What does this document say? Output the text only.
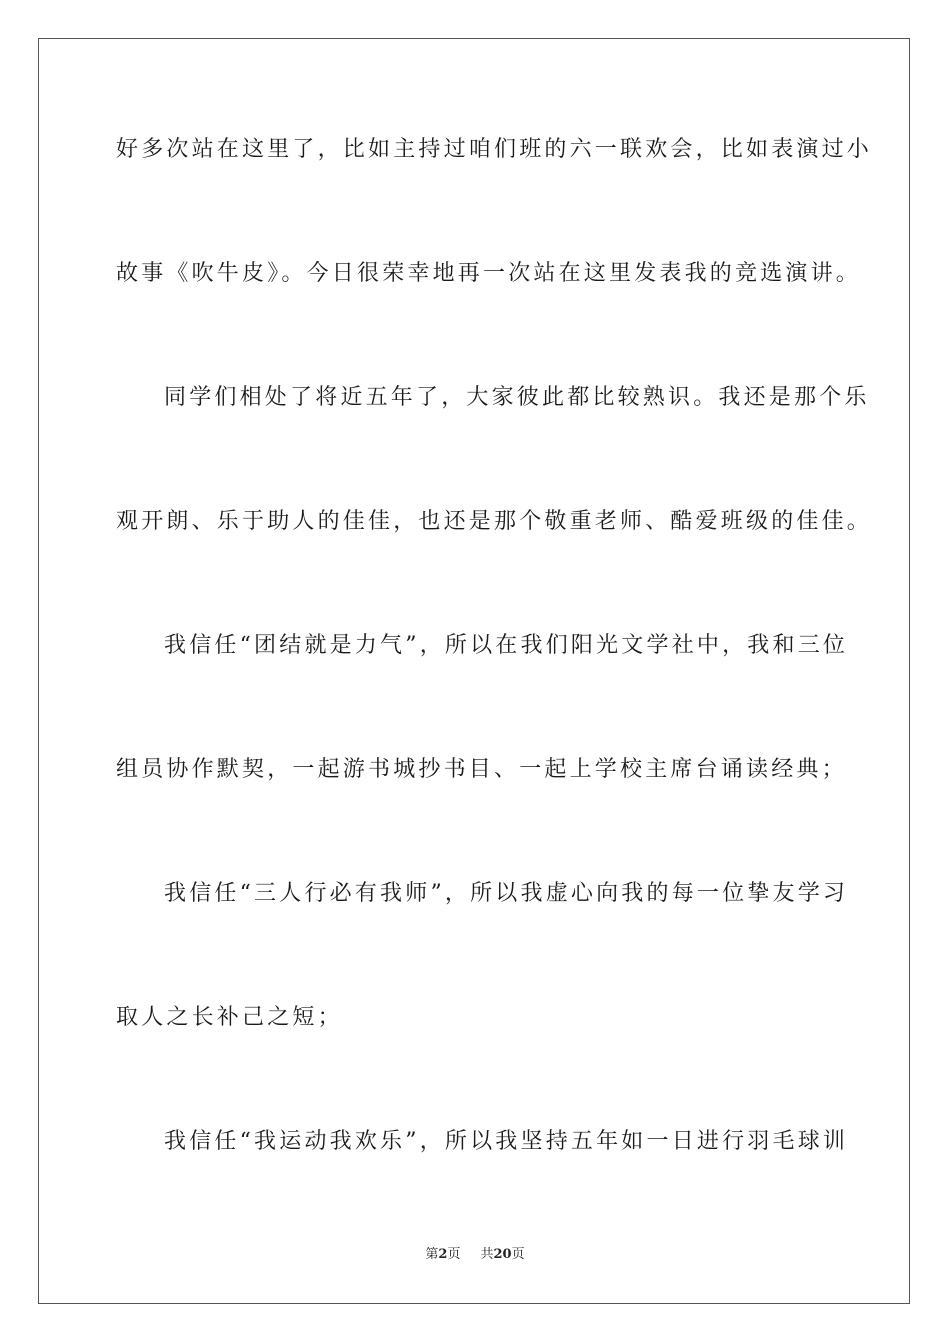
好多次站在这里了，比如主持过咱们班的六一联欢会，比如表演过小
故事《吹牛皮》。今日很荣幸地再一次站在这里发表我的竞选演讲。
同学们相处了将近五年了，大家彼此都比较熟识。我还是那个乐
观开朗、乐于助人的佳佳，也还是那个敬重老师、酷爱班级的佳佳。
我信任“团结就是力气”，所以在我们阳光文学社中，我和三位
组员协作默契，一起游书城抄书目、一起上学校主席台诵读经典；
我信任“三人行必有我师”，所以我虚心向我的每一位挚友学习
取人之长补己之短；
我信任“我运动我欢乐”，所以我坚持五年如一日进行羽毛球训
第2页 共20页
